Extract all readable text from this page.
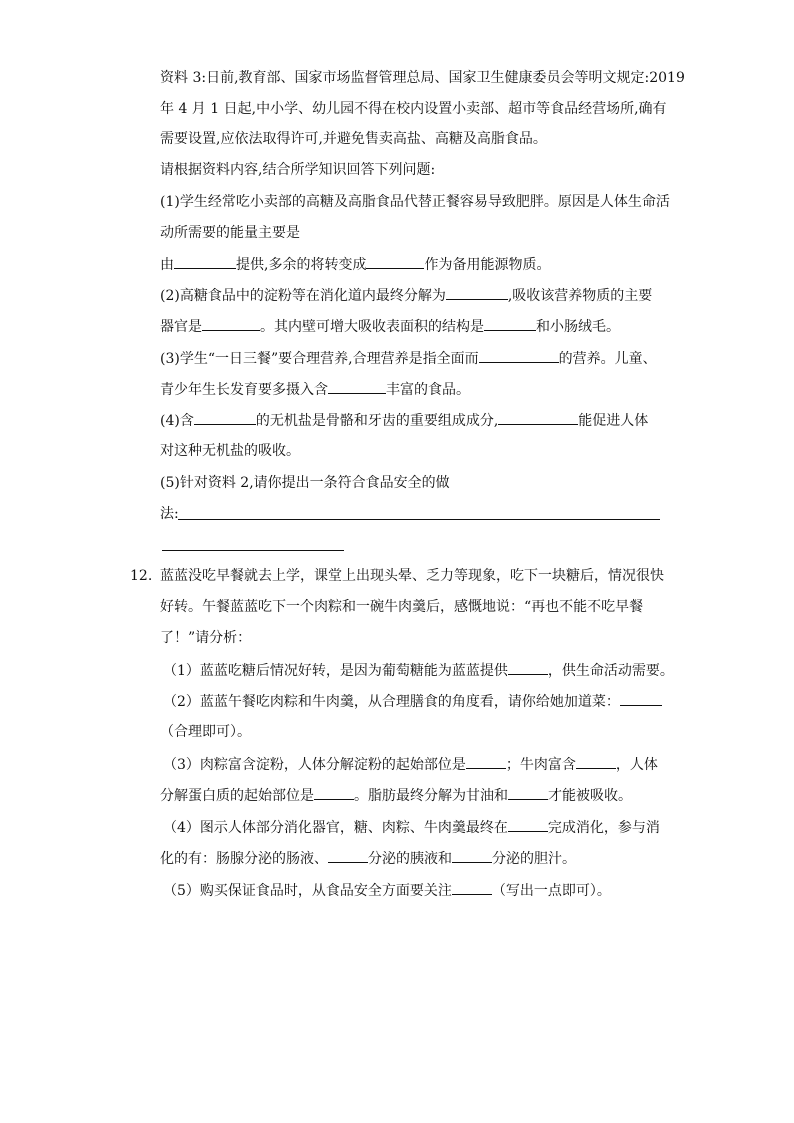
资料 3:日前,教育部、国家市场监督管理总局、国家卫生健康委员会等明文规定:2019

年 4 月 1 日起,中小学、幼儿园不得在校内设置小卖部、超市等食品经营场所,确有

需要设置,应依法取得许可,并避免售卖高盐、高糖及高脂食品。

请根据资料内容,结合所学知识回答下列问题:

(1)学生经常吃小卖部的高糖及高脂食品代替正餐容易导致肥胖。原因是人体生命活

动所需要的能量主要是

由	提供,多余的将转变成	作为备用能源物质。

(2)高糖食品中的淀粉等在消化道内最终分解为	,吸收该营养物质的主要

器官是	。其内壁可增大吸收表面积的结构是	和小肠绒毛。

(3)学生“一日三餐”要合理营养,合理营养是指全面而	的营养。儿童、

青少年生长发育要多摄入含	丰富的食品。

(4)含	的无机盐是骨骼和牙齿的重要组成成分,	能促进人体

对这种无机盐的吸收。

(5)针对资料 2,请你提出一条符合食品安全的做

法:

12. 蓝蓝没吃早餐就去上学，课堂上出现头晕、乏力等现象，吃下一块糖后，情况很快

好转。午餐蓝蓝吃下一个肉粽和一碗牛肉羹后，感慨地说：“再也不能不吃早餐

了！”请分析：

（1）蓝蓝吃糖后情况好转，是因为葡萄糖能为蓝蓝提供	，供生命活动需要。

（2）蓝蓝午餐吃肉粽和牛肉羹，从合理膳食的角度看，请你给她加道菜：

（合理即可）。

（3）肉粽富含淀粉，人体分解淀粉的起始部位是	；牛肉富含	，人体

分解蛋白质的起始部位是	。脂肪最终分解为甘油和	才能被吸收。

（4）图示人体部分消化器官，糖、肉粽、牛肉羹最终在	完成消化，参与消

化的有：肠腺分泌的肠液、	分泌的胰液和	分泌的胆汁。

（5）购买保证食品时，从食品安全方面要关注	（写出一点即可）。
